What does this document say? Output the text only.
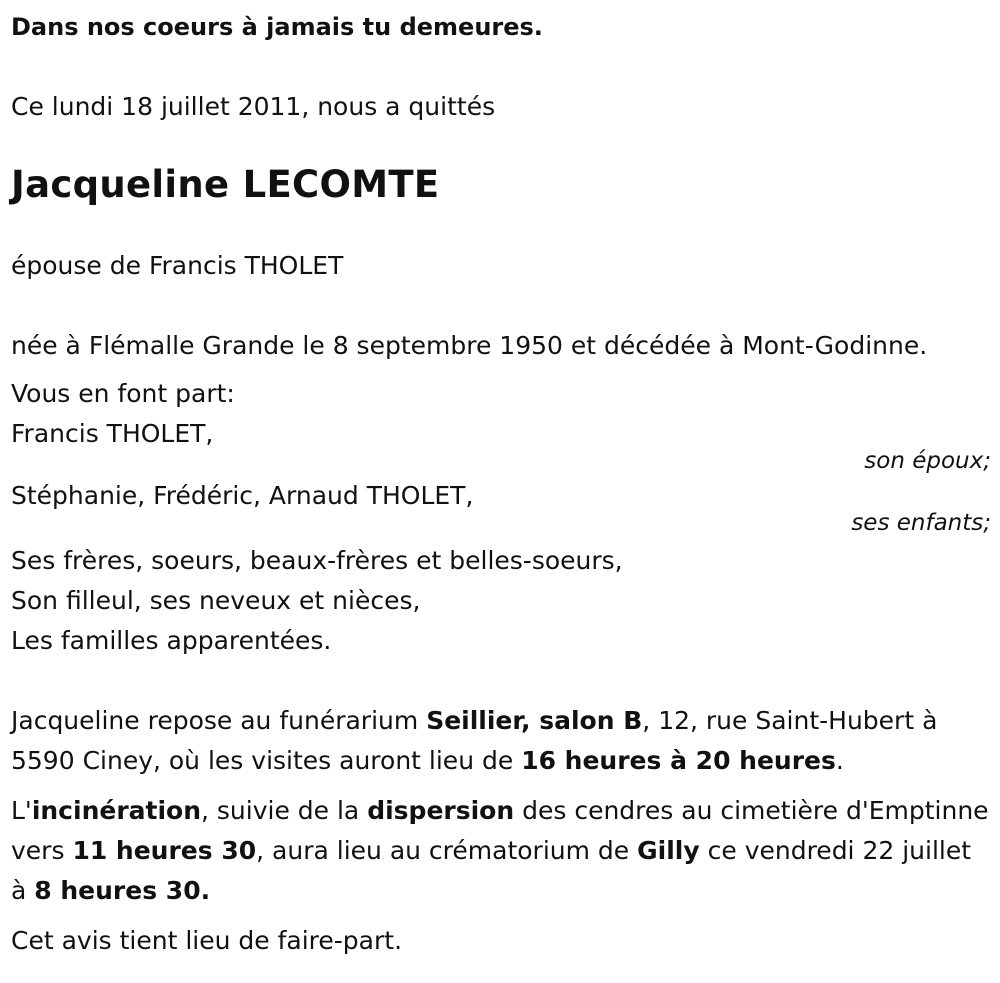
Dans nos coeurs à jamais tu demeures.

Ce lundi 18 juillet 2011, nous a quittés

Jacqueline LECOMTE

épouse de Francis THOLET

née à Flémalle Grande le 8 septembre 1950 et décédée à Mont-Godinne.

Vous en font part:

Francis THOLET,

son époux;

Stéphanie, Frédéric, Arnaud THOLET,

ses enfants;

Ses frères, soeurs, beaux-frères et belles-soeurs,

Son filleul, ses neveux et nièces,

Les familles apparentées.

Jacqueline repose au funérarium Seillier, salon B, 12, rue Saint-Hubert à 5590 Ciney, où les visites auront lieu de 16 heures à 20 heures.

L'incinération, suivie de la dispersion des cendres au cimetière d'Emptinne vers 11 heures 30, aura lieu au crématorium de Gilly ce vendredi 22 juillet à 8 heures 30.

Cet avis tient lieu de faire-part.
